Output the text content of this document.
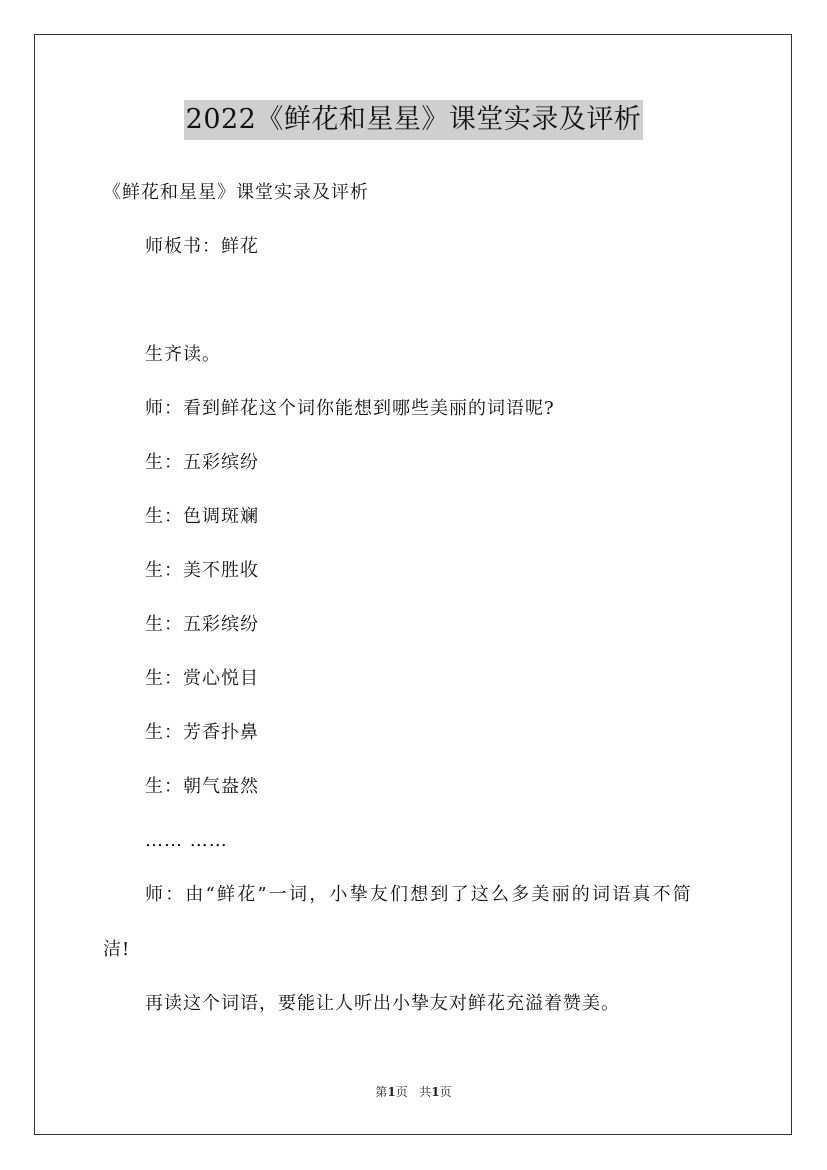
2022《鲜花和星星》课堂实录及评析
《鲜花和星星》课堂实录及评析
师板书：鲜花
生齐读。
师：看到鲜花这个词你能想到哪些美丽的词语呢?
生：五彩缤纷
生：色调斑斓
生：美不胜收
生：五彩缤纷
生：赏心悦目
生：芳香扑鼻
生：朝气盎然
…… ……
师：由“鲜花”一词，小挚友们想到了这么多美丽的词语真不简
洁!
再读这个词语，要能让人听出小挚友对鲜花充溢着赞美。
第1页 共1页
